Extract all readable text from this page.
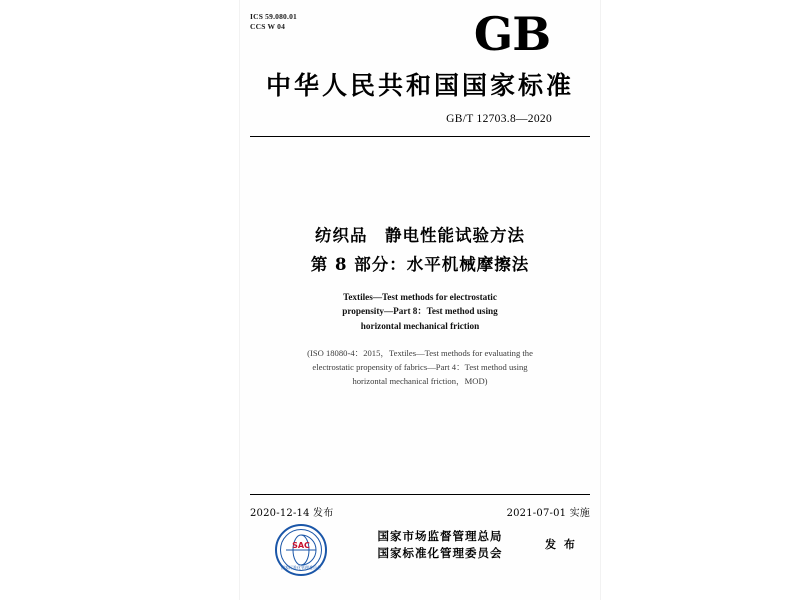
ICS 59.080.01
CCS W 04	GB
中华人民共和国国家标准
GB/T 12703.8—2020
纺织品　静电性能试验方法
第 8 部分：水平机械摩擦法
Textiles—Test methods for electrostatic
propensity—Part 8：Test method using
horizontal mechanical friction
(ISO 18080-4：2015，Textiles—Test methods for evaluating the
electrostatic propensity of fabrics—Part 4：Test method using
horizontal mechanical friction，MOD)
2020-12-14 发布	2021-07-01 实施
SAC
国家标准化管理委员会
国家市场监督管理总局
国家标准化管理委员会
发 布
